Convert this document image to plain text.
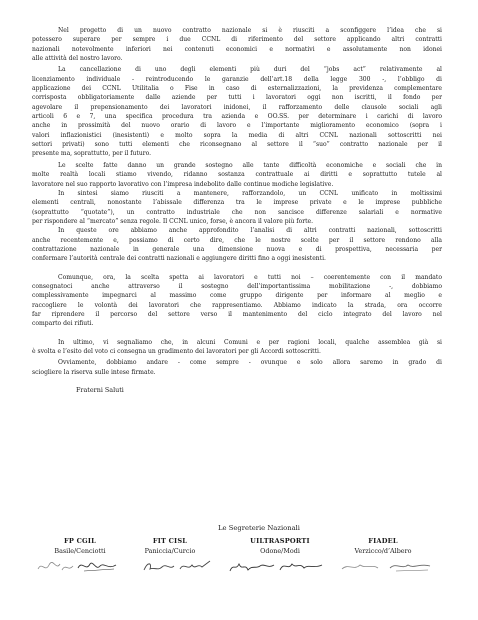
Nel progetto di un nuovo contratto nazionale si è riusciti a sconfiggere l’idea che si
potessero superare per sempre i due CCNL di riferimento del settore applicando altri contratti
nazionali notevolmente inferiori nei contenuti economici e normativi e assolutamente non idonei
alle attività del nostro lavoro.

La cancellazione di uno degli elementi più duri del “jobs act” relativamente al
licenziamento individuale - reintroducendo le garanzie dell’art.18 della legge 300 -, l’obbligo di
applicazione dei CCNL Utilitalia o Fise in caso di esternalizzazioni, la previdenza complementare
corrisposta obbligatoriamente dalle aziende per tutti i lavoratori oggi non iscritti, il fondo per
agevolare il prepensionamento dei lavoratori inidonei, il rafforzamento delle clausole sociali agli
articoli 6 e 7, una specifica procedura tra azienda e OO.SS. per determinare i carichi di lavoro
anche in prossimità del nuovo orario di lavoro e l’importante miglioramento economico (sopra i
valori inflazionistici (inesistenti) e molto sopra la media di altri CCNL nazionali sottoscritti nei
settori privati) sono tutti elementi che riconsegnano al settore il “suo” contratto nazionale per il
presente ma, soprattutto, per il futuro.

Le scelte fatte danno un grande sostegno alle tante difficoltà economiche e sociali che in
molte realtà locali stiamo vivendo, ridanno sostanza contrattuale ai diritti e soprattutto tutele al
lavoratore nel suo rapporto lavorativo con l’impresa indebolito dalle continue modiche legislative.

In sintesi siamo riusciti a mantenere, rafforzandolo, un CCNL unificato in moltissimi
elementi centrali, nonostante l’abissale differenza tra le imprese private e le imprese pubbliche
(soprattutto “quotate”), un contratto industriale che non sancisce differenze salariali e normative
per rispondere al “mercato” senza regole. Il CCNL unico, forse, è ancora il valore più forte.

In queste ore abbiamo anche approfondito l’analisi di altri contratti nazionali, sottoscritti
anche recentemente e, possiamo di certo dire, che le nostre scelte per il settore rendono alla
contrattazione nazionale in generale una dimensione nuova e di prospettiva, necessaria per
confermare l’autorità centrale dei contratti nazionali e aggiungere diritti fino a oggi inesistenti.

Comunque, ora, la scelta spetta ai lavoratori e tutti noi – coerentemente con il mandato
consegnatoci anche attraverso il sostegno dell’importantissima mobilitazione -, dobbiamo
complessivamente impegnarci al massimo come gruppo dirigente per informare al meglio e
raccogliere le volontà dei lavoratori che rappresentiamo. Abbiamo indicato la strada, ora occorre
far riprendere il percorso del settore verso il mantenimento del ciclo integrato del lavoro nel
comparto dei rifiuti.

In ultimo, vi segnaliamo che, in alcuni Comuni e per ragioni locali, qualche assemblea già si
è svolta e l’esito del voto ci consegna un gradimento dei lavoratori per gli Accordi sottoscritti.

Ovviamente, dobbiamo andare - come sempre - ovunque e solo allora saremo in grado di
sciogliere la riserva sulle intese firmate.

Fraterni Saluti

Le Segreterie Nazionali
FP CGIL
Basile/Cenciotti
FIT CISL
Paniccia/Curcio
UILTRASPORTI
Odone/Modi
FIADEL
Verzicco/d’Albero
